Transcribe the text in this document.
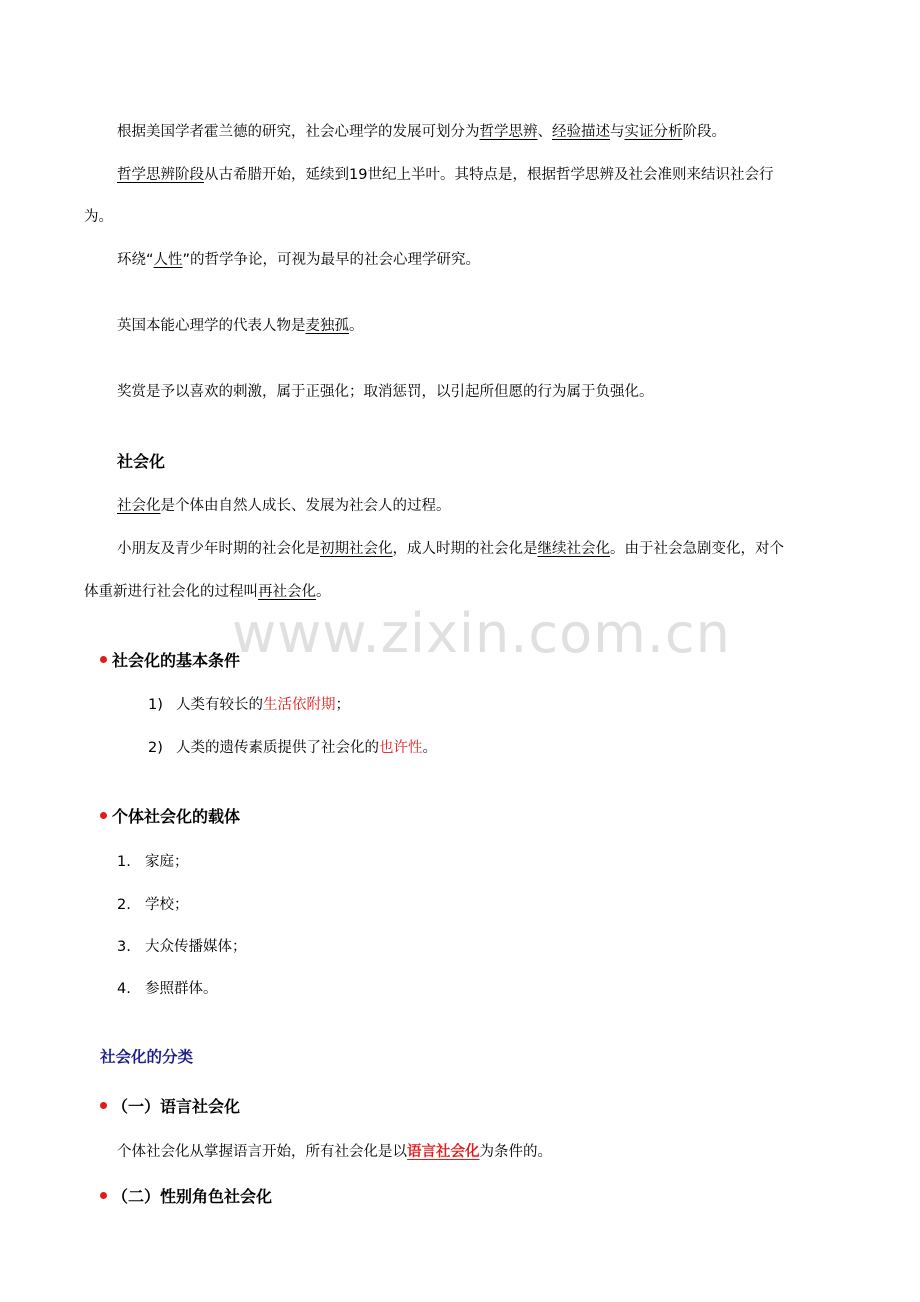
www.zixin.com.cn

根据美国学者霍兰德的研究，社会心理学的发展可划分为哲学思辨、经验描述与实证分析阶段。

哲学思辨阶段从古希腊开始，延续到19世纪上半叶。其特点是，根据哲学思辨及社会准则来结识社会行

为。

环绕“人性”的哲学争论，可视为最早的社会心理学研究。

英国本能心理学的代表人物是麦独孤。

奖赏是予以喜欢的刺激，属于正强化；取消惩罚，以引起所但愿的行为属于负强化。

社会化

社会化是个体由自然人成长、发展为社会人的过程。

小朋友及青少年时期的社会化是初期社会化，成人时期的社会化是继续社会化。由于社会急剧变化，对个

体重新进行社会化的过程叫再社会化。

社会化的基本条件

1) 人类有较长的生活依附期；
2) 人类的遗传素质提供了社会化的也许性。

个体社会化的载体

1. 家庭；
2. 学校；
3. 大众传播媒体；
4. 参照群体。

社会化的分类

（一）语言社会化

个体社会化从掌握语言开始，所有社会化是以语言社会化为条件的。

（二）性别角色社会化
